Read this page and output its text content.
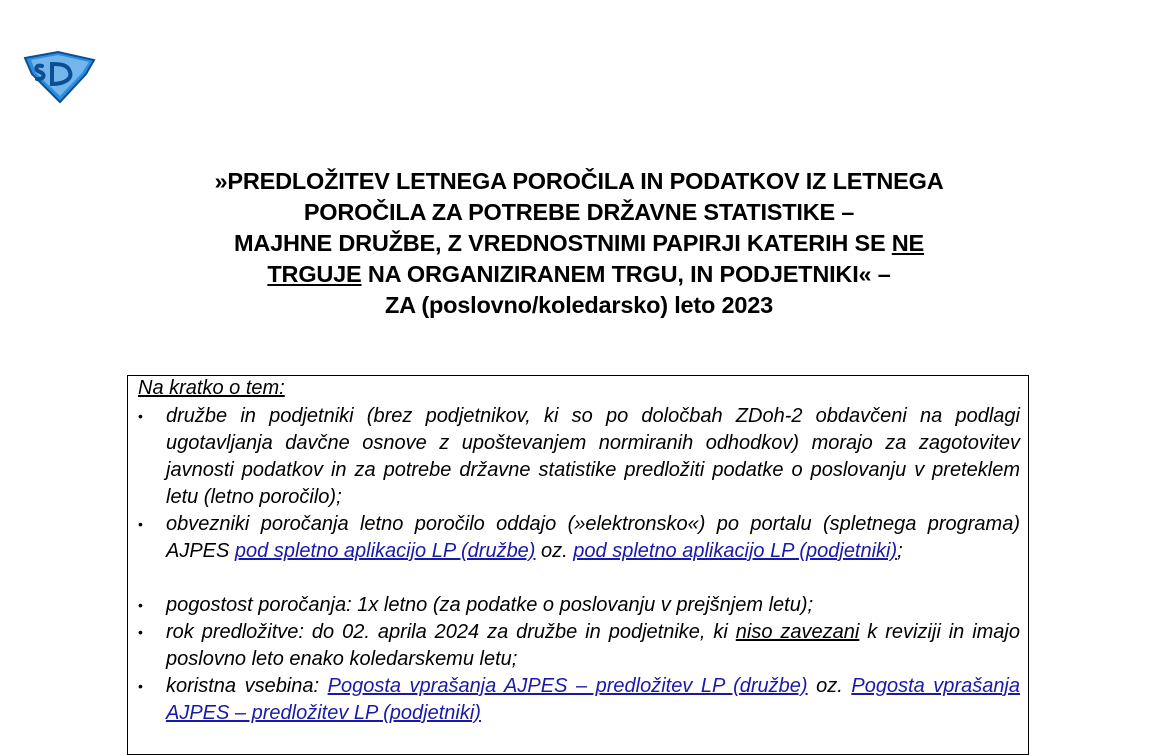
»PREDLOŽITEV LETNEGA POROČILA IN PODATKOV IZ LETNEGA
POROČILA ZA POTREBE DRŽAVNE STATISTIKE –
MAJHNE DRUŽBE, Z VREDNOSTNIMI PAPIRJI KATERIH SE NE
TRGUJE NA ORGANIZIRANEM TRGU, IN PODJETNIKI« –
ZA (poslovno/koledarsko) leto 2023
Na kratko o tem:
• družbe in podjetniki (brez podjetnikov, ki so po določbah ZDoh-2 obdavčeni na podlagi ugotavljanja davčne osnove z upoštevanjem normiranih odhodkov) morajo za zagotovitev javnosti podatkov in za potrebe državne statistike predložiti podatke o poslovanju v preteklem letu (letno poročilo);
• obvezniki poročanja letno poročilo oddajo (»elektronsko«) po portalu (spletnega programa) AJPES pod spletno aplikacijo LP (družbe) oz. pod spletno aplikacijo LP (podjetniki);
• pogostost poročanja: 1x letno (za podatke o poslovanju v prejšnjem letu);
• rok predložitve: do 02. aprila 2024 za družbe in podjetnike, ki niso zavezani k reviziji in imajo poslovno leto enako koledarskemu letu;
• koristna vsebina: Pogosta vprašanja AJPES – predložitev LP (družbe) oz. Pogosta vprašanja AJPES – predložitev LP (podjetniki)
